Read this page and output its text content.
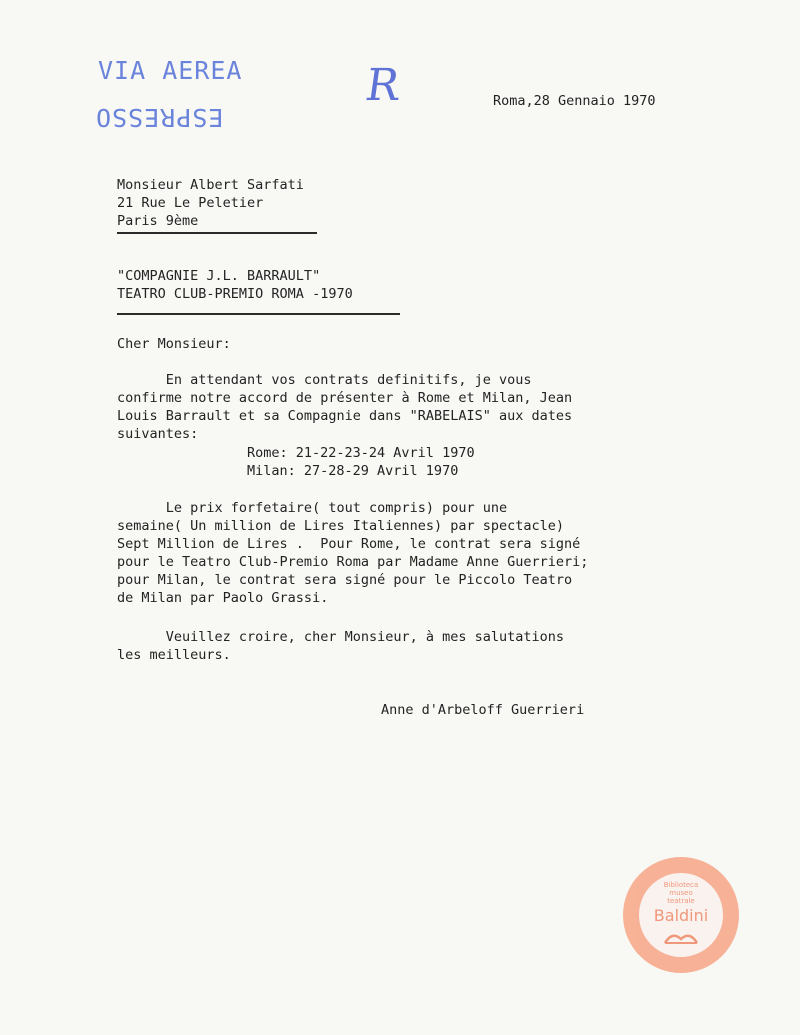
VIA AEREA
ESPRESSO
R	Roma,28 Gennaio 1970
Monsieur Albert Sarfati
21 Rue Le Peletier
Paris 9ème
"COMPAGNIE J.L. BARRAULT"
TEATRO CLUB-PREMIO ROMA -1970
Cher Monsieur:
En attendant vos contrats definitifs, je vous
confirme notre accord de présenter à Rome et Milan, Jean
Louis Barrault et sa Compagnie dans "RABELAIS" aux dates
suivantes:
Rome: 21-22-23-24 Avril 1970
Milan: 27-28-29 Avril 1970
Le prix forfetaire( tout compris) pour une
semaine( Un million de Lires Italiennes) par spectacle)
Sept Million de Lires .  Pour Rome, le contrat sera signé
pour le Teatro Club-Premio Roma par Madame Anne Guerrieri;
pour Milan, le contrat sera signé pour le Piccolo Teatro
de Milan par Paolo Grassi.
Veuillez croire, cher Monsieur, à mes salutations
les meilleurs.
Anne d'Arbeloff Guerrieri
Biblioteca
museo
teatrale
Baldini
